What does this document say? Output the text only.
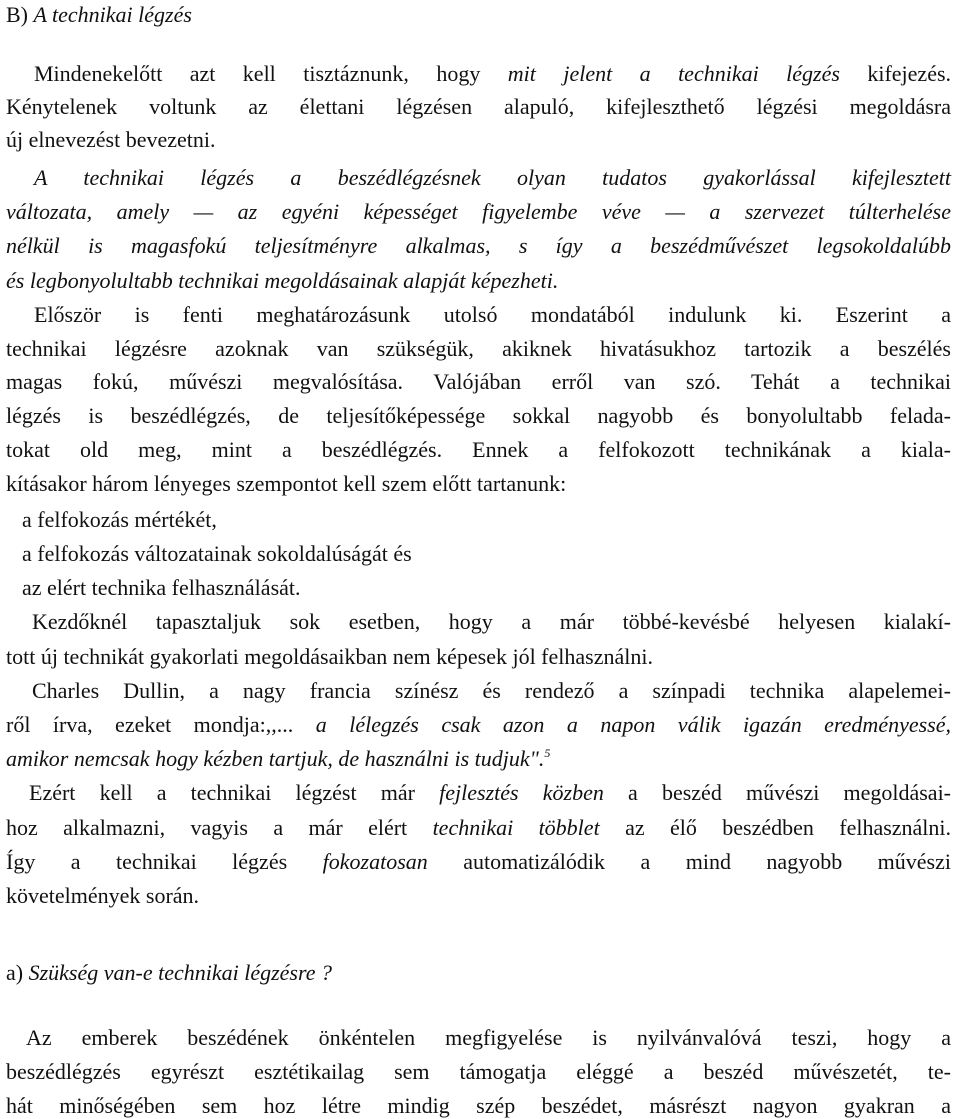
B) A technikai légzés
Mindenekelőtt azt kell tisztáznunk, hogy mit jelent a technikai légzés kifejezés.
Kénytelenek voltunk az élettani légzésen alapuló, kifejleszthető légzési megoldásra
új elnevezést bevezetni.
A technikai légzés a beszédlégzésnek olyan tudatos gyakorlással kifejlesztett
változata, amely — az egyéni képességet figyelembe véve — a szervezet túlterhelése
nélkül is magasfokú teljesítményre alkalmas, s így a beszédművészet legsokoldalúbb
és legbonyolultabb technikai megoldásainak alapját képezheti.
Először is fenti meghatározásunk utolsó mondatából indulunk ki. Eszerint a
technikai légzésre azoknak van szükségük, akiknek hivatásukhoz tartozik a beszélés
magas fokú, művészi megvalósítása. Valójában erről van szó. Tehát a technikai
légzés is beszédlégzés, de teljesítőképessége sokkal nagyobb és bonyolultabb felada-
tokat old meg, mint a beszédlégzés. Ennek a felfokozott technikának a kiala-
kításakor három lényeges szempontot kell szem előtt tartanunk:
a felfokozás mértékét,
a felfokozás változatainak sokoldalúságát és
az elért technika felhasználását.
Kezdőknél tapasztaljuk sok esetben, hogy a már többé-kevésbé helyesen kialakí-
tott új technikát gyakorlati megoldásaikban nem képesek jól felhasználni.
Charles Dullin, a nagy francia színész és rendező a színpadi technika alapelemei-
ről írva, ezeket mondja:,,... a lélegzés csak azon a napon válik igazán eredményessé,
amikor nemcsak hogy kézben tartjuk, de használni is tudjuk".$^5$
Ezért kell a technikai légzést már fejlesztés közben a beszéd művészi megoldásai-
hoz alkalmazni, vagyis a már elért technikai többlet az élő beszédben felhasználni.
Így a technikai légzés fokozatosan automatizálódik a mind nagyobb művészi
követelmények során.
a) Szükség van-e technikai légzésre ?
Az emberek beszédének önkéntelen megfigyelése is nyilvánvalóvá teszi, hogy a
beszédlégzés egyrészt esztétikailag sem támogatja eléggé a beszéd művészetét, te-
hát minőségében sem hoz létre mindig szép beszédet, másrészt nagyon gyakran a
